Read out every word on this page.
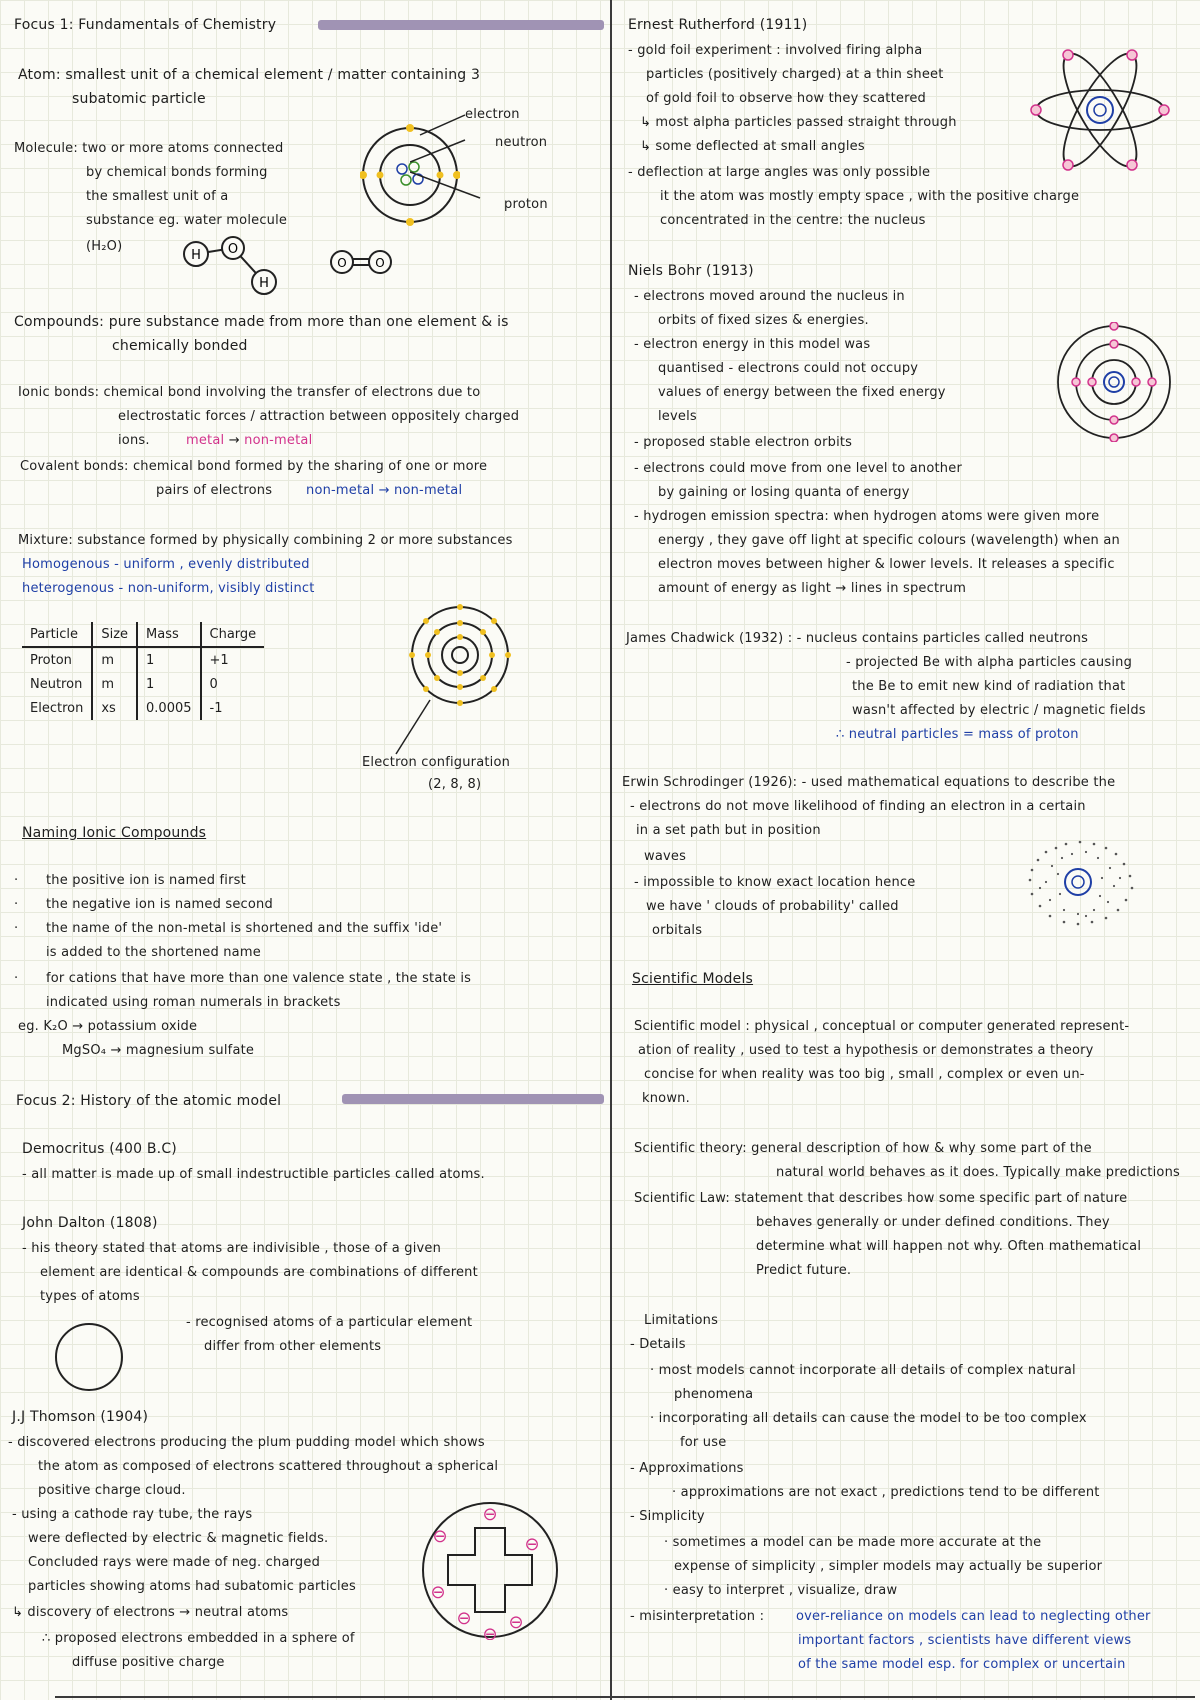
Focus 1: Fundamentals of Chemistry
Atom: smallest unit of a chemical element / matter containing 3
subatomic particle
Molecule: two or more atoms connected
by chemical bonds forming
the smallest unit of a
substance eg. water molecule
(H₂O)
electron
neutron
proton
H O
H
O O
Compounds: pure substance made from more than one element & is
chemically bonded
Ionic bonds: chemical bond involving the transfer of electrons due to
electrostatic forces / attraction between oppositely charged
ions.	metal → non-metal
Covalent bonds: chemical bond formed by the sharing of one or more
pairs of electrons	non-metal → non-metal
Mixture: substance formed by physically combining 2 or more substances
Homogenous - uniform , evenly distributed
heterogenous - non-uniform, visibly distinct
Particle	Size	Mass	Charge
Proton	m	1	+1
Neutron	m	1	0
Electron	xs	0.0005	-1
Electron configuration
(2, 8, 8)
Naming Ionic Compounds
· the positive ion is named first
· the negative ion is named second
· the name of the non-metal is shortened and the suffix 'ide'
is added to the shortened name
· for cations that have more than one valence state , the state is
indicated using roman numerals in brackets
eg. K₂O → potassium oxide
MgSO₄ → magnesium sulfate
Focus 2: History of the atomic model
Democritus (400 B.C)
- all matter is made up of small indestructible particles called atoms.
John Dalton (1808)
- his theory stated that atoms are indivisible , those of a given
element are identical & compounds are combinations of different
types of atoms
- recognised atoms of a particular element
differ from other elements
J.J Thomson (1904)
- discovered electrons producing the plum pudding model which shows
the atom as composed of electrons scattered throughout a spherical
positive charge cloud.
- using a cathode ray tube, the rays
were deflected by electric & magnetic fields.
Concluded rays were made of neg. charged
particles showing atoms had subatomic particles
↳ discovery of electrons → neutral atoms
∴ proposed electrons embedded in a sphere of
diffuse positive charge
⊖
⊖	⊖
⊖
⊖
⊖
⊖
Ernest Rutherford (1911)
- gold foil experiment : involved firing alpha
particles (positively charged) at a thin sheet
of gold foil to observe how they scattered
↳ most alpha particles passed straight through
↳ some deflected at small angles
- deflection at large angles was only possible
it the atom was mostly empty space , with the positive charge
concentrated in the centre: the nucleus
Niels Bohr (1913)
- electrons moved around the nucleus in
orbits of fixed sizes & energies.
- electron energy in this model was
quantised - electrons could not occupy
values of energy between the fixed energy
levels
- proposed stable electron orbits
- electrons could move from one level to another
by gaining or losing quanta of energy
- hydrogen emission spectra: when hydrogen atoms were given more
energy , they gave off light at specific colours (wavelength) when an
electron moves between higher & lower levels. It releases a specific
amount of energy as light → lines in spectrum
James Chadwick (1932) : - nucleus contains particles called neutrons
- projected Be with alpha particles causing
the Be to emit new kind of radiation that
wasn't affected by electric / magnetic fields
∴ neutral particles = mass of proton
Erwin Schrodinger (1926): - used mathematical equations to describe the
- electrons do not move likelihood of finding an electron in a certain
in a set path but in position
waves
- impossible to know exact location hence
we have ' clouds of probability' called
orbitals
Scientific Models
Scientific model : physical , conceptual or computer generated represent-
ation of reality , used to test a hypothesis or demonstrates a theory
concise for when reality was too big , small , complex or even un-
known.
Scientific theory: general description of how & why some part of the
natural world behaves as it does. Typically make predictions
Scientific Law: statement that describes how some specific part of nature
behaves generally or under defined conditions. They
determine what will happen not why. Often mathematical
Predict future.
Limitations
- Details
· most models cannot incorporate all details of complex natural
phenomena
· incorporating all details can cause the model to be too complex
for use
- Approximations
· approximations are not exact , predictions tend to be different
- Simplicity
· sometimes a model can be made more accurate at the
expense of simplicity , simpler models may actually be superior
· easy to interpret , visualize, draw
- misinterpretation : over-reliance on models can lead to neglecting other
important factors , scientists have different views
of the same model esp. for complex or uncertain
